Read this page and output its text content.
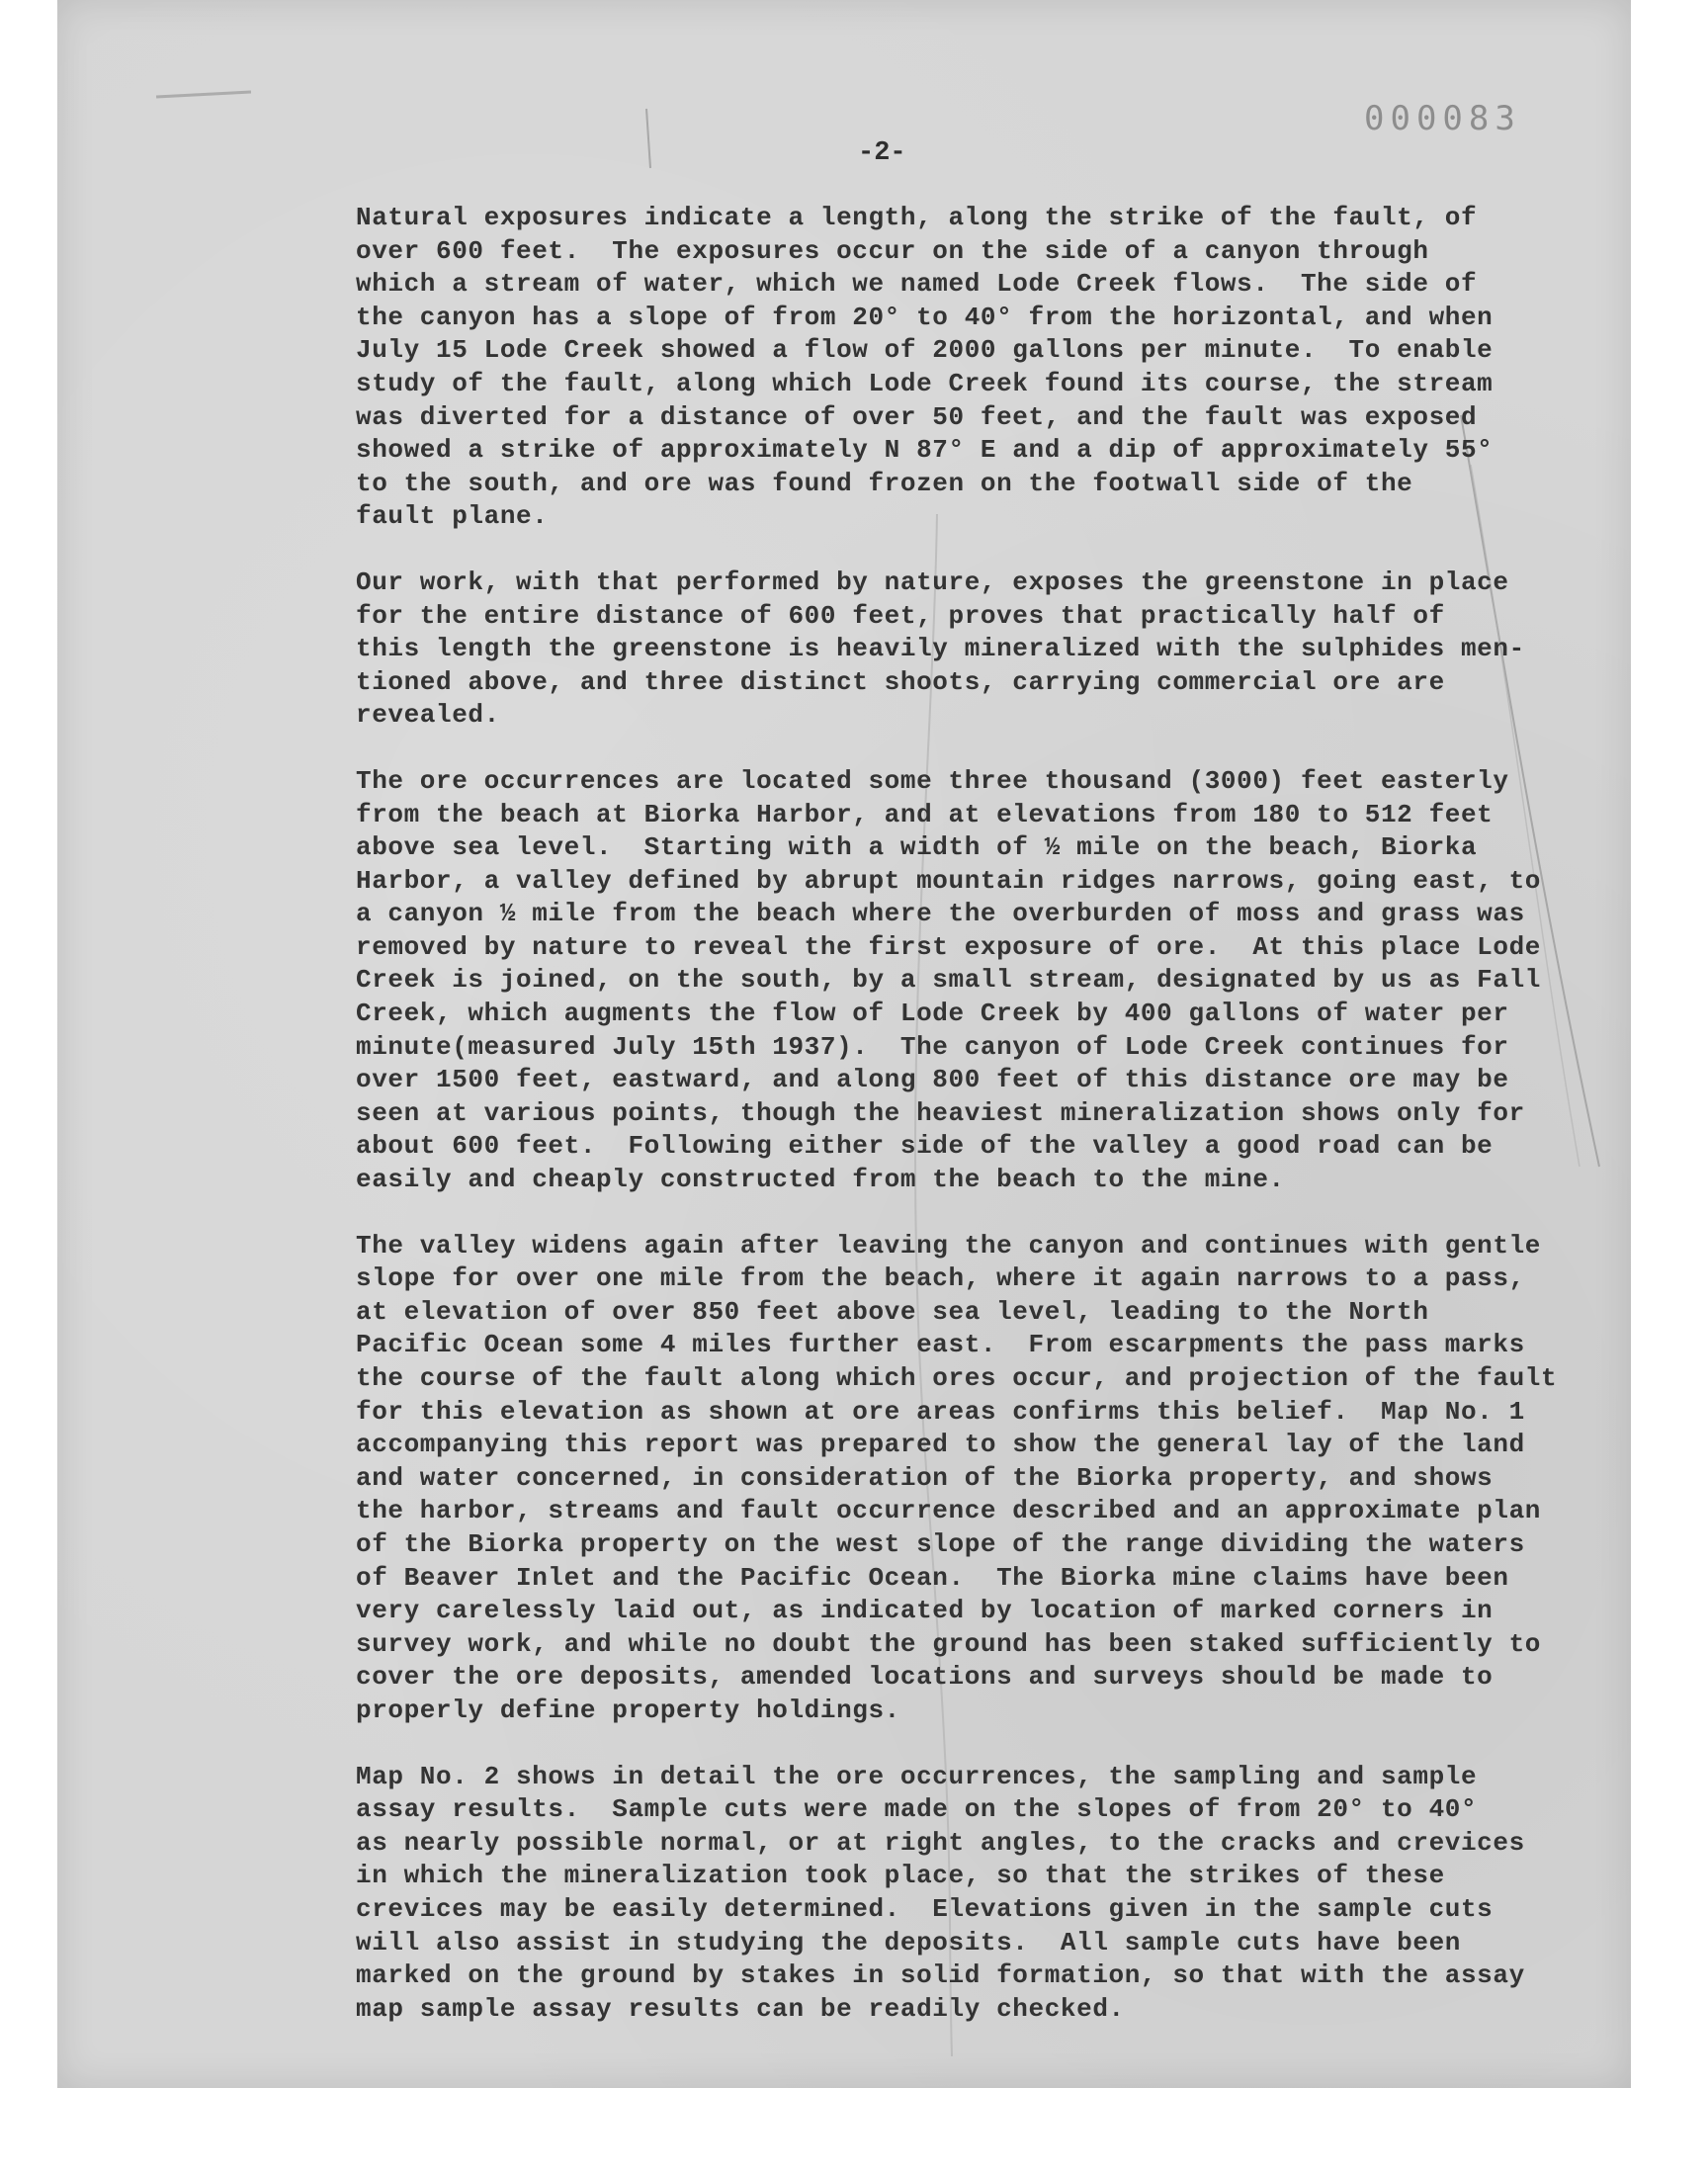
000083
-2-

Natural exposures indicate a length, along the strike of the fault, of
over 600 feet.  The exposures occur on the side of a canyon through
which a stream of water, which we named Lode Creek flows.  The side of
the canyon has a slope of from 20° to 40° from the horizontal, and when
July 15 Lode Creek showed a flow of 2000 gallons per minute.  To enable
study of the fault, along which Lode Creek found its course, the stream
was diverted for a distance of over 50 feet, and the fault was exposed
showed a strike of approximately N 87° E and a dip of approximately 55°
to the south, and ore was found frozen on the footwall side of the
fault plane.

Our work, with that performed by nature, exposes the greenstone in place
for the entire distance of 600 feet, proves that practically half of
this length the greenstone is heavily mineralized with the sulphides men-
tioned above, and three distinct shoots, carrying commercial ore are
revealed.

The ore occurrences are located some three thousand (3000) feet easterly
from the beach at Biorka Harbor, and at elevations from 180 to 512 feet
above sea level.  Starting with a width of ½ mile on the beach, Biorka
Harbor, a valley defined by abrupt mountain ridges narrows, going east, to
a canyon ½ mile from the beach where the overburden of moss and grass was
removed by nature to reveal the first exposure of ore.  At this place Lode
Creek is joined, on the south, by a small stream, designated by us as Fall
Creek, which augments the flow of Lode Creek by 400 gallons of water per
minute(measured July 15th 1937).  The canyon of Lode Creek continues for
over 1500 feet, eastward, and along 800 feet of this distance ore may be
seen at various points, though the heaviest mineralization shows only for
about 600 feet.  Following either side of the valley a good road can be
easily and cheaply constructed from the beach to the mine.

The valley widens again after leaving the canyon and continues with gentle
slope for over one mile from the beach, where it again narrows to a pass,
at elevation of over 850 feet above sea level, leading to the North
Pacific Ocean some 4 miles further east.  From escarpments the pass marks
the course of the fault along which ores occur, and projection of the fault
for this elevation as shown at ore areas confirms this belief.  Map No. 1
accompanying this report was prepared to show the general lay of the land
and water concerned, in consideration of the Biorka property, and shows
the harbor, streams and fault occurrence described and an approximate plan
of the Biorka property on the west slope of the range dividing the waters
of Beaver Inlet and the Pacific Ocean.  The Biorka mine claims have been
very carelessly laid out, as indicated by location of marked corners in
survey work, and while no doubt the ground has been staked sufficiently to
cover the ore deposits, amended locations and surveys should be made to
properly define property holdings.

Map No. 2 shows in detail the ore occurrences, the sampling and sample
assay results.  Sample cuts were made on the slopes of from 20° to 40°
as nearly possible normal, or at right angles, to the cracks and crevices
in which the mineralization took place, so that the strikes of these
crevices may be easily determined.  Elevations given in the sample cuts
will also assist in studying the deposits.  All sample cuts have been
marked on the ground by stakes in solid formation, so that with the assay
map sample assay results can be readily checked.
